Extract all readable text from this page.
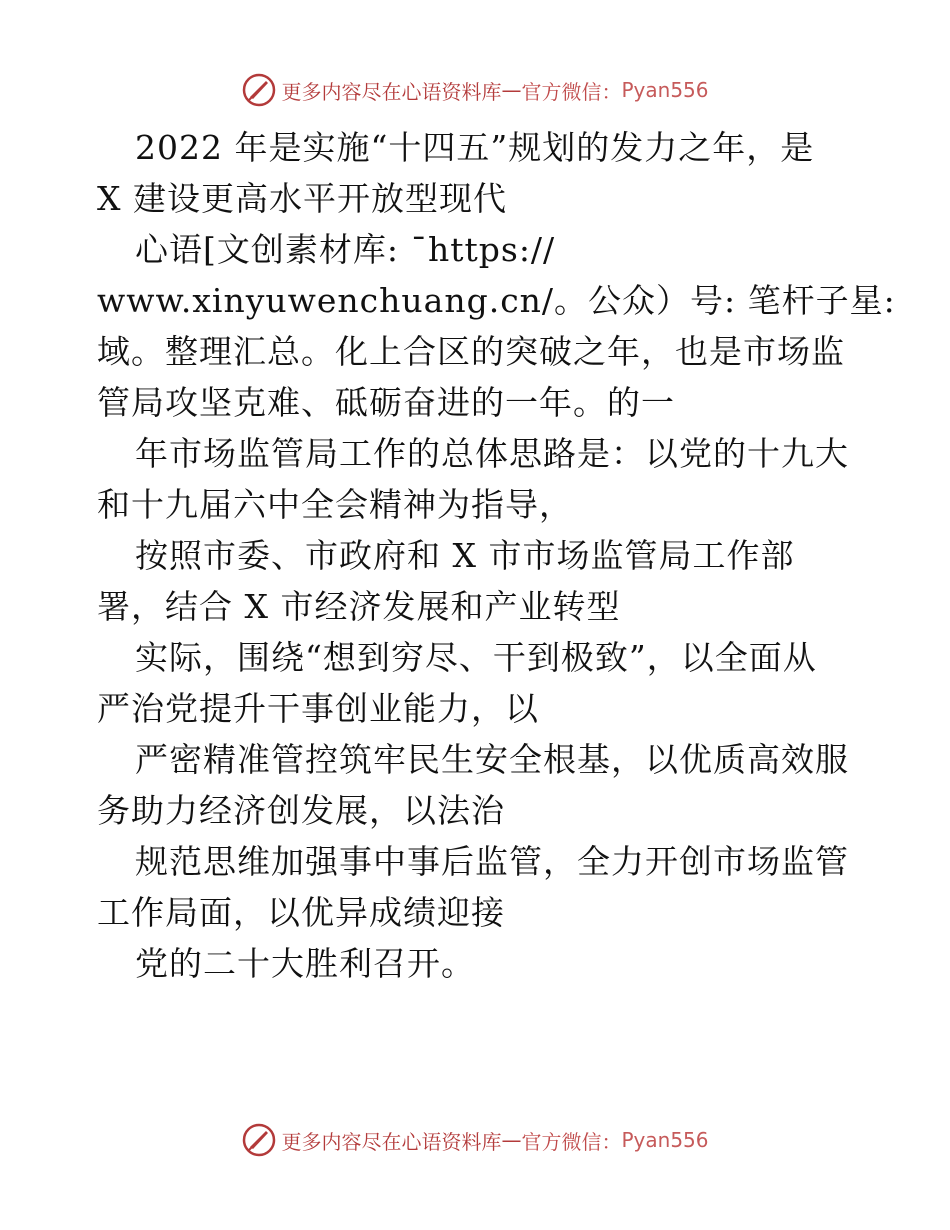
更多内容尽在心语资料库 — 官方微信： Pyan556
2022 年是实施“十四五”规划的发力之年，是
X 建设更高水平开放型现代
心语[文创素材库: ¯https://
www.xinyuwenchuang.cn/。公众）号: 笔杆子星:
域。整理汇总。化上合区的突破之年，也是市场监
管局攻坚克难、砥砺奋进的一年。的一
年市场监管局工作的总体思路是：以党的十九大
和十九届六中全会精神为指导，
按照市委、市政府和 X 市市场监管局工作部
署，结合 X 市经济发展和产业转型
实际，围绕“想到穷尽、干到极致”，以全面从
严治党提升干事创业能力，以
严密精准管控筑牢民生安全根基，以优质高效服
务助力经济创发展，以法治
规范思维加强事中事后监管，全力开创市场监管
工作局面，以优异成绩迎接
党的二十大胜利召开。
更多内容尽在心语资料库 — 官方微信： Pyan556
